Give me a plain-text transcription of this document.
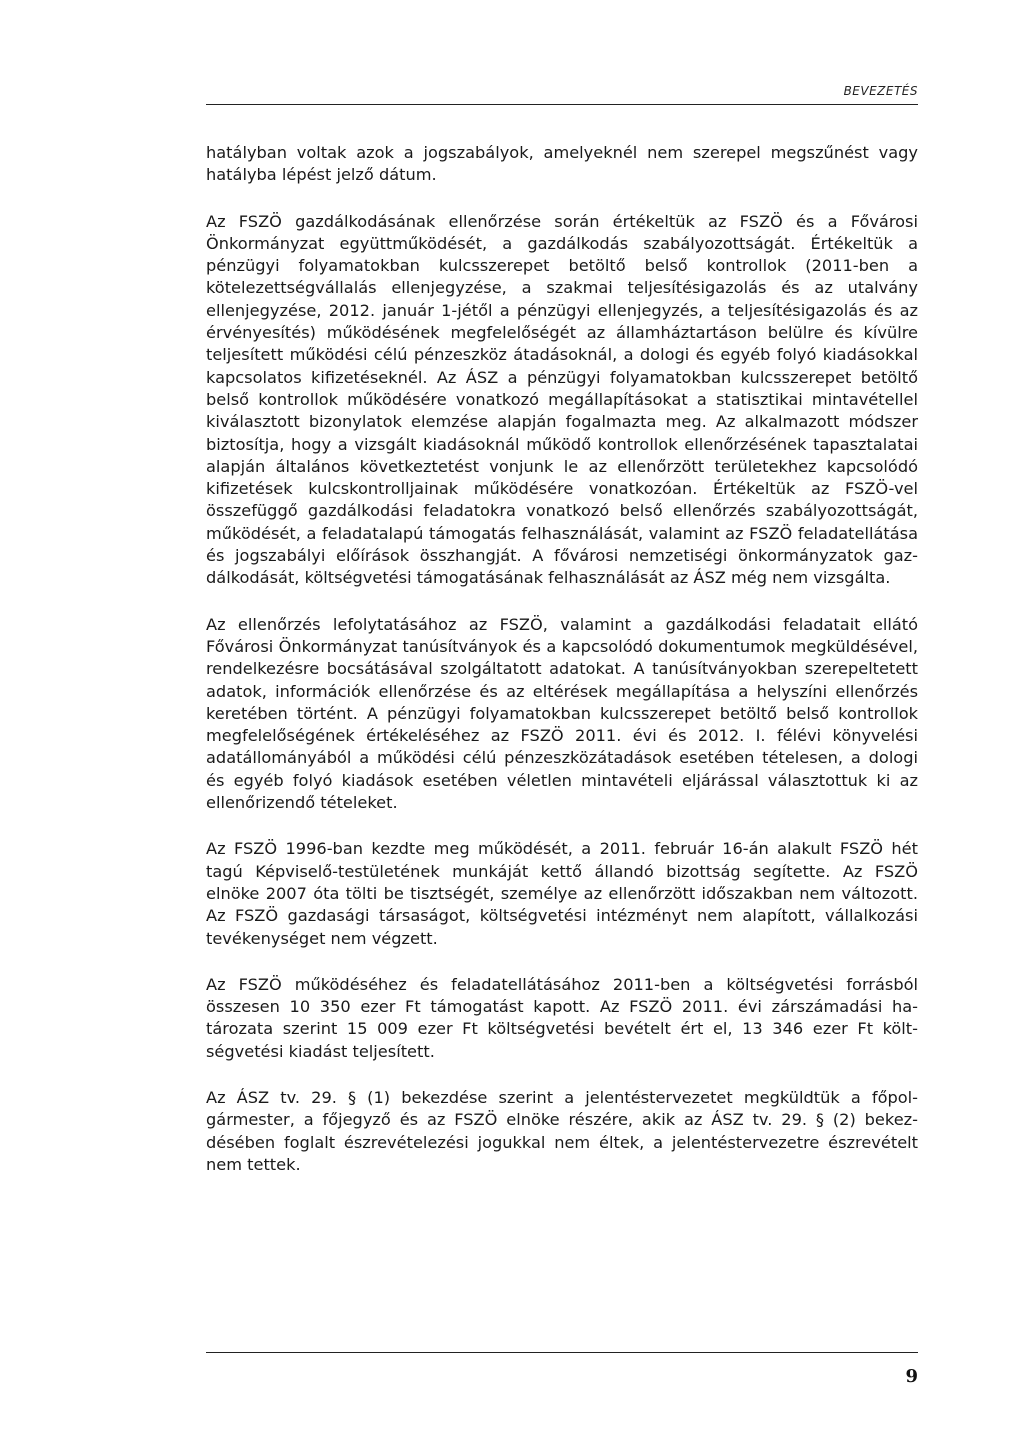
BEVEZETÉS

hatályban voltak azok a jogszabályok, amelyeknél nem szerepel megszűnést vagy hatályba lépést jelző dátum.

Az FSZÖ gazdálkodásának ellenőrzése során értékeltük az FSZÖ és a Fővárosi Önkormányzat együttműködését, a gazdálkodás szabályozottságát. Értékeltük a pénzügyi folyamatokban kulcsszerepet betöltő belső kontrollok (2011-ben a kötelezettségvállalás ellenjegyzése, a szakmai teljesítésigazolás és az utalvány ellenjegyzése, 2012. január 1-jétől a pénzügyi ellenjegyzés, a teljesítésigazolás és az érvényesítés) működésének megfelelőségét az államháztartáson belülre és kívülre teljesített működési célú pénzeszköz átadásoknál, a dologi és egyéb folyó kiadásokkal kapcsolatos kifizetéseknél. Az ÁSZ a pénzügyi folyamatokban kulcsszerepet betöltő belső kontrollok működésére vonatkozó megállapításokat a statisztikai mintavétellel kiválasztott bizonylatok elemzése alapján fogalmazta meg. Az alkalmazott módszer biztosítja, hogy a vizsgált kiadásoknál működő kontrollok ellenőrzésének tapasztalatai alapján általános következtetést vonjunk le az ellenőrzött területekhez kapcsolódó kifizetések kulcskontrollјainak működésére vonatkozóan. Értékeltük az FSZÖ-vel összefüggő gazdálkodási feladatokra vonatkozó belső ellenőrzés szabályozottságát, működését, a feladatalapú támogatás felhasználását, valamint az FSZÖ feladatellátása és jogszabályi előírások összhangját. A fővárosi nemzetiségi önkormányzatok gazdálkodását, költségvetési támogatásának felhasználását az ÁSZ még nem vizsgálta.

Az ellenőrzés lefolytatásához az FSZÖ, valamint a gazdálkodási feladatait ellátó Fővárosi Önkormányzat tanúsítványok és a kapcsolódó dokumentumok megküldésével, rendelkezésre bocsátásával szolgáltatott adatokat. A tanúsítványokban szerepeltetett adatok, információk ellenőrzése és az eltérések megállapítása a helyszíni ellenőrzés keretében történt. A pénzügyi folyamatokban kulcsszerepet betöltő belső kontrollok megfelelőségének értékeléséhez az FSZÖ 2011. évi és 2012. I. félévi könyvelési adatállományából a működési célú pénzeszközátadások esetében tételesen, a dologi és egyéb folyó kiadások esetében véletlen mintavételi eljárással választottuk ki az ellenőrizendő tételeket.

Az FSZÖ 1996-ban kezdte meg működését, a 2011. február 16-án alakult FSZÖ hét tagú Képviselő-testületének munkáját kettő állandó bizottság segítette. Az FSZÖ elnöke 2007 óta tölti be tisztségét, személye az ellenőrzött időszakban nem változott. Az FSZÖ gazdasági társaságot, költségvetési intézményt nem alapított, vállalkozási tevékenységet nem végzett.

Az FSZÖ működéséhez és feladatellátásához 2011-ben a költségvetési forrásból összesen 10 350 ezer Ft támogatást kapott. Az FSZÖ 2011. évi zárszámadási határozata szerint 15 009 ezer Ft költségvetési bevételt ért el, 13 346 ezer Ft költségvetési kiadást teljesített.

Az ÁSZ tv. 29. § (1) bekezdése szerint a jelentéstervezetet megküldtük a főpolgármester, a főjegyző és az FSZÖ elnöke részére, akik az ÁSZ tv. 29. § (2) bekezdésében foglalt észrevételezési jogukkal nem éltek, a jelentéstervezetre észrevételt nem tettek.

9
